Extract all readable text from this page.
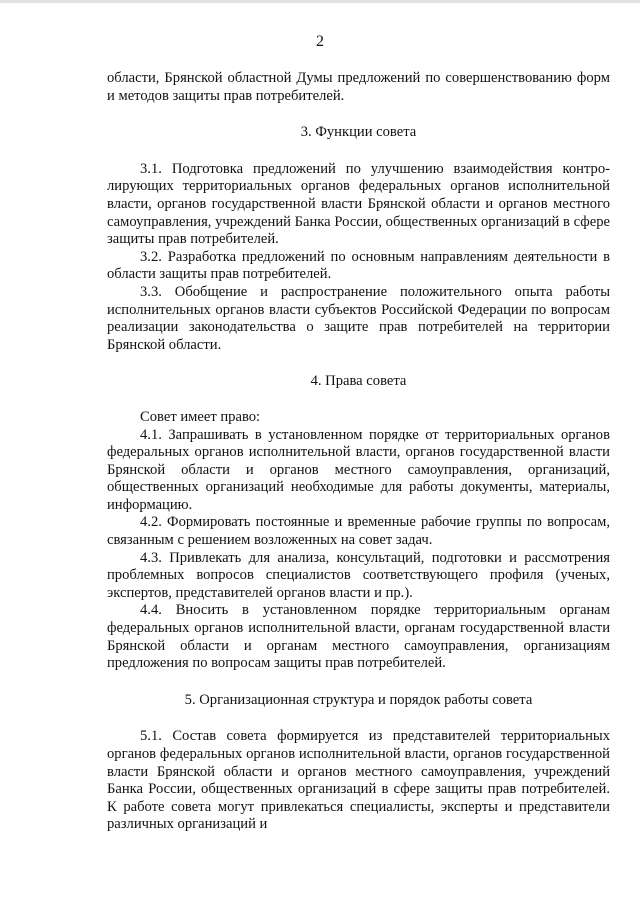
2

области, Брянской областной Думы предложений по совершенствованию форм и методов защиты прав потребителей.

3. Функции совета

3.1. Подготовка предложений по улучшению взаимодействия контролирующих территориальных органов федеральных органов исполнительной власти, органов государственной власти Брянской области и органов местного самоуправления, учреждений Банка России, общественных организаций в сфере защиты прав потребителей.

3.2. Разработка предложений по основным направлениям деятельности в области защиты прав потребителей.

3.3. Обобщение и распространение положительного опыта работы исполнительных органов власти субъектов Российской Федерации по вопросам реализации законодательства о защите прав потребителей на территории Брянской области.

4. Права совета

Совет имеет право:

4.1. Запрашивать в установленном порядке от территориальных органов федеральных органов исполнительной власти, органов государственной власти Брянской области и органов местного самоуправления, организаций, общественных организаций необходимые для работы документы, материалы, информацию.

4.2. Формировать постоянные и временные рабочие группы по вопросам, связанным с решением возложенных на совет задач.

4.3. Привлекать для анализа, консультаций, подготовки и рассмотрения проблемных вопросов специалистов соответствующего профиля (ученых, экспертов, представителей органов власти и пр.).

4.4. Вносить в установленном порядке территориальным органам федеральных органов исполнительной власти, органам государственной власти Брянской области и органам местного самоуправления, организациям предложения по вопросам защиты прав потребителей.

5. Организационная структура и порядок работы совета

5.1. Состав совета формируется из представителей территориальных органов федеральных органов исполнительной власти, органов государственной власти Брянской области и органов местного самоуправления, учреждений Банка России, общественных организаций в сфере защиты прав потребителей. К работе совета могут привлекаться специалисты, эксперты и представители различных организаций и
